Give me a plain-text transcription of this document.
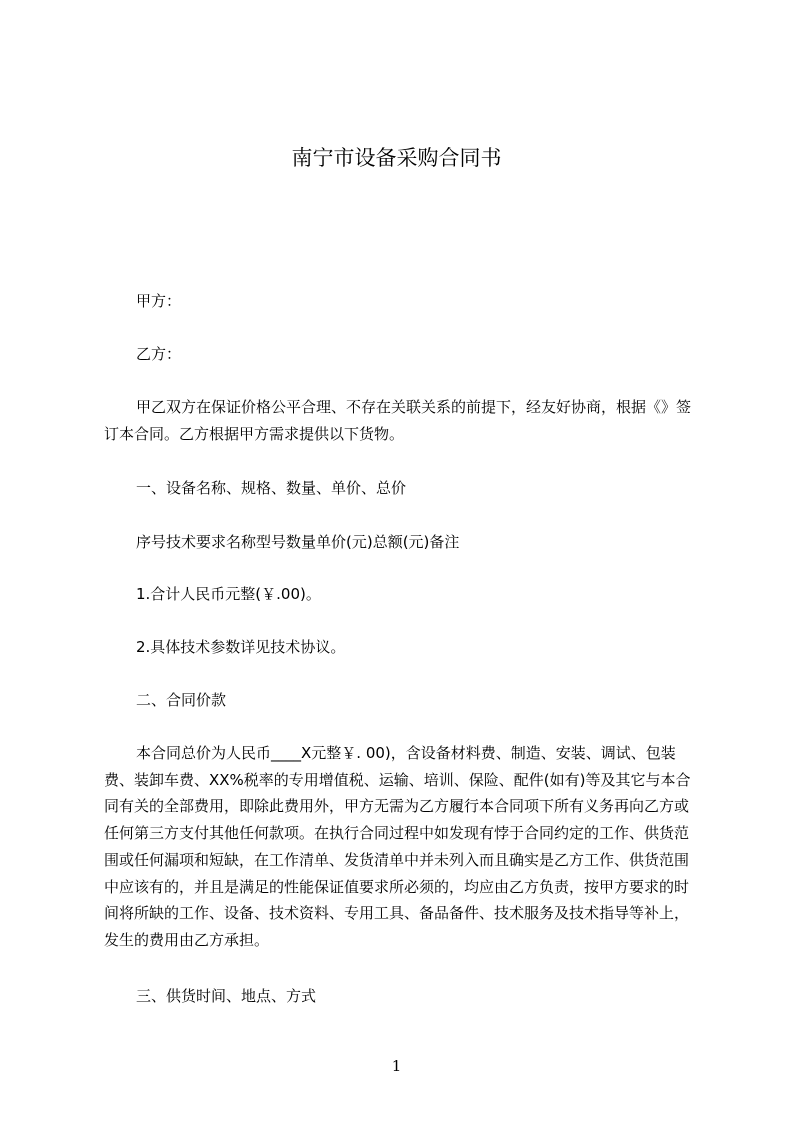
南宁市设备采购合同书
甲方：
乙方：
甲乙双方在保证价格公平合理、不存在关联关系的前提下，经友好协商，根据《》签订本合同。乙方根据甲方需求提供以下货物。
一、设备名称、规格、数量、单价、总价
序号技术要求名称型号数量单价(元)总额(元)备注
1.合计人民币元整(￥.00)。
2.具体技术参数详见技术协议。
二、合同价款
本合同总价为人民币____X元整￥. 00)，含设备材料费、制造、安装、调试、包装费、装卸车费、XX%税率的专用增值税、运输、培训、保险、配件(如有)等及其它与本合同有关的全部费用，即除此费用外，甲方无需为乙方履行本合同项下所有义务再向乙方或任何第三方支付其他任何款项。在执行合同过程中如发现有悖于合同约定的工作、供货范围或任何漏项和短缺，在工作清单、发货清单中并未列入而且确实是乙方工作、供货范围中应该有的，并且是满足的性能保证值要求所必须的，均应由乙方负责，按甲方要求的时间将所缺的工作、设备、技术资料、专用工具、备品备件、技术服务及技术指导等补上，发生的费用由乙方承担。
三、供货时间、地点、方式
1
